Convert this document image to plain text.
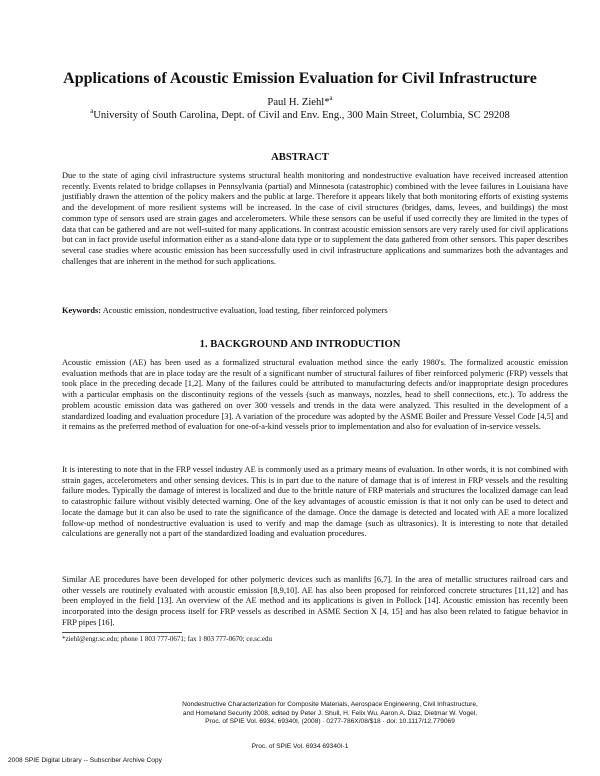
Applications of Acoustic Emission Evaluation for Civil Infrastructure
Paul H. Ziehl*$^a$
$^a$University of South Carolina, Dept. of Civil and Env. Eng., 300 Main Street, Columbia, SC 29208
ABSTRACT
Due to the state of aging civil infrastructure systems structural health monitoring and nondestructive evaluation have received increased attention recently. Events related to bridge collapses in Pennsylvania (partial) and Minnesota (catastrophic) combined with the levee failures in Louisiana have justifiably drawn the attention of the policy makers and the public at large. Therefore it appears likely that both monitoring efforts of existing systems and the development of more resilient systems will be increased. In the case of civil structures (bridges, dams, levees, and buildings) the most common type of sensors used are strain gages and accelerometers. While these sensors can be useful if used correctly they are limited in the types of data that can be gathered and are not well-suited for many applications. In contrast acoustic emission sensors are very rarely used for civil applications but can in fact provide useful information either as a stand-alone data type or to supplement the data gathered from other sensors. This paper describes several case studies where acoustic emission has been successfully used in civil infrastructure applications and summarizes both the advantages and challenges that are inherent in the method for such applications.
Keywords: Acoustic emission, nondestructive evaluation, load testing, fiber reinforced polymers
1. BACKGROUND AND INTRODUCTION
Acoustic emission (AE) has been used as a formalized structural evaluation method since the early 1980's. The formalized acoustic emission evaluation methods that are in place today are the result of a significant number of structural failures of fiber reinforced polymeric (FRP) vessels that took place in the preceding decade [1,2]. Many of the failures could be attributed to manufacturing defects and/or inappropriate design procedures with a particular emphasis on the discontinuity regions of the vessels (such as manways, nozzles, head to shell connections, etc.). To address the problem acoustic emission data was gathered on over 300 vessels and trends in the data were analyzed. This resulted in the development of a standardized loading and evaluation procedure [3]. A variation of the procedure was adopted by the ASME Boiler and Pressure Vessel Code [4,5] and it remains as the preferred method of evaluation for one-of-a-kind vessels prior to implementation and also for evaluation of in-service vessels.
It is interesting to note that in the FRP vessel industry AE is commonly used as a primary means of evaluation. In other words, it is not combined with strain gages, accelerometers and other sensing devices. This is in part due to the nature of damage that is of interest in FRP vessels and the resulting failure modes. Typically the damage of interest is localized and due to the brittle nature of FRP materials and structures the localized damage can lead to catastrophic failure without visibly detected warning. One of the key advantages of acoustic emission is that it not only can be used to detect and locate the damage but it can also be used to rate the significance of the damage. Once the damage is detected and located with AE a more localized follow-up method of nondestructive evaluation is used to verify and map the damage (such as ultrasonics). It is interesting to note that detailed calculations are generally not a part of the standardized loading and evaluation procedures.
Similar AE procedures have been developed for other polymeric devices such as manlifts [6,7]. In the area of metallic structures railroad cars and other vessels are routinely evaluated with acoustic emission [8,9,10]. AE has also been proposed for reinforced concrete structures [11,12] and has been employed in the field [13]. An overview of the AE method and its applications is given in Pollock [14]. Acoustic emission has recently been incorporated into the design process itself for FRP vessels as described in ASME Section X [4, 15] and has also been related to fatigue behavior in FRP pipes [16].
*ziehl@engr.sc.edu; phone 1 803 777-0671; fax 1 803 777-0670; ce.sc.edu
Nondestructive Characterization for Composite Materials, Aerospace Engineering, Civil Infrastructure,
and Homeland Security 2008, edited by Peter J. Shull, H. Felix Wu, Aaron A. Diaz, Dietmar W. Vogel,
Proc. of SPIE Vol. 6934, 69340I, (2008) · 0277-786X/08/$18 · doi: 10.1117/12.779069
Proc. of SPIE Vol. 6934 69340I-1
2008 SPIE Digital Library -- Subscriber Archive Copy
